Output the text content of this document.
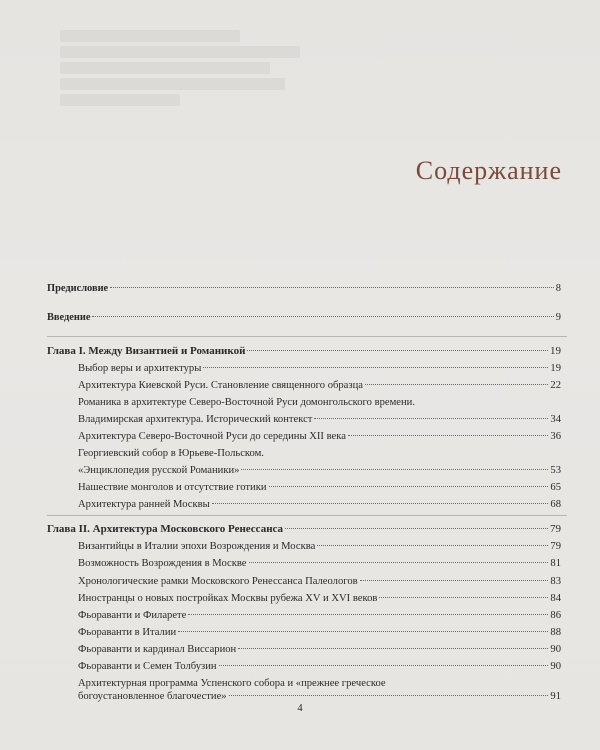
Содержание
Предисловие	8
Введение	9
Глава I. Между Византией и Романикой	19
Выбор веры и архитектуры	19
Архитектура Киевской Руси. Становление священного образца	22
Романика в архитектуре Северо-Восточной Руси домонгольского времени.
Владимирская архитектура. Исторический контекст	34
Архитектура Северо-Восточной Руси до середины XII века	36
Георгиевский собор в Юрьеве-Польском.
«Энциклопедия русской Романики»	53
Нашествие монголов и отсутствие готики	65
Архитектура ранней Москвы	68
Глава II. Архитектура Московского Ренессанса	79
Византийцы в Италии эпохи Возрождения и Москва	79
Возможность Возрождения в Москве	81
Хронологические рамки Московского Ренессанса Палеологов	83
Иностранцы о новых постройках Москвы рубежа XV и XVI веков	84
Фьораванти и Филарете	86
Фьораванти в Италии	88
Фьораванти и кардинал Виссарион	90
Фьораванти и Семен Толбузин	90
Архитектурная программа Успенского собора и «прежнее греческое
богоустановленное благочестие»	91
4
